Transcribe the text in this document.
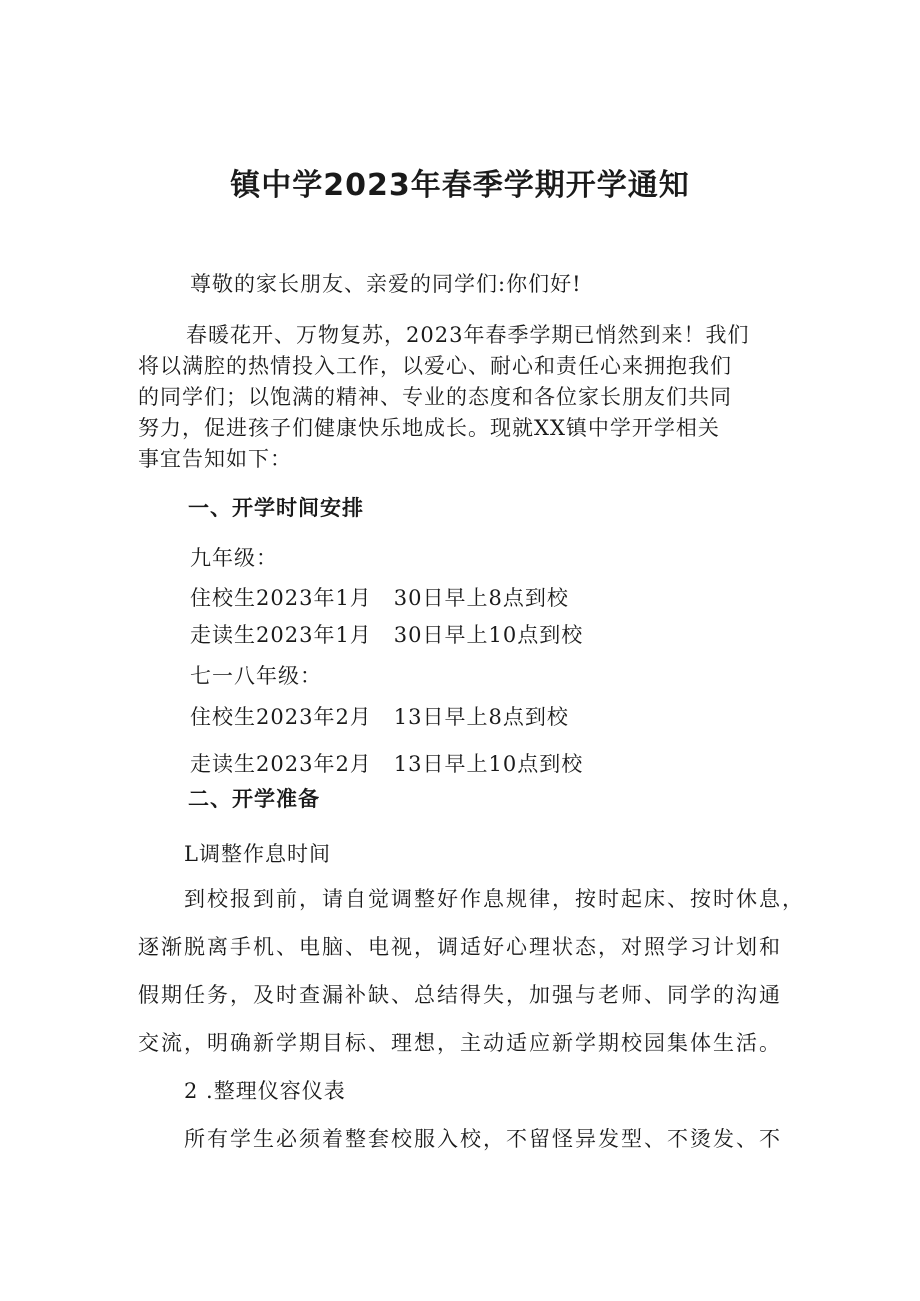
镇中学2023年春季学期开学通知
尊敬的家长朋友、亲爱的同学们:你们好!
春暖花开、万物复苏，2023年春季学期已悄然到来！我们
将以满腔的热情投入工作，以爱心、耐心和责任心来拥抱我们
的同学们；以饱满的精神、专业的态度和各位家长朋友们共同
努力，促进孩子们健康快乐地成长。现就XX镇中学开学相关
事宜告知如下：
一、开学时间安排
九年级：
住校生2023年1月　30日早上8点到校
走读生2023年1月　30日早上10点到校
七一八年级：
住校生2023年2月　13日早上8点到校
走读生2023年2月　13日早上10点到校
二、开学准备
L调整作息时间
到校报到前，请自觉调整好作息规律，按时起床、按时休息，
逐渐脱离手机、电脑、电视，调适好心理状态，对照学习计划和
假期任务，及时查漏补缺、总结得失，加强与老师、同学的沟通
交流，明确新学期目标、理想，主动适应新学期校园集体生活。
2 .整理仪容仪表
所有学生必须着整套校服入校，不留怪异发型、不烫发、不
